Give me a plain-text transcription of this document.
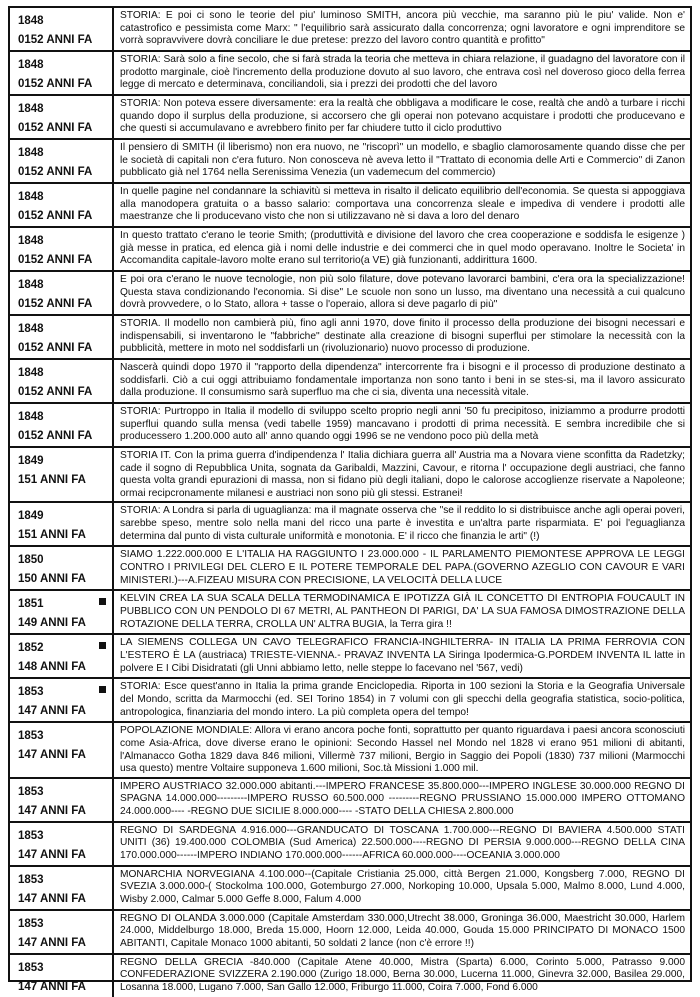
1848
0152 ANNI FA
STORIA: E poi ci sono le teorie del piu' luminoso SMITH, ancora più vecchie, ma saranno più le piu' valide. Non e' catastrofico e pessimista come Marx: " l'equilibrio sarà assicurato dalla concorrenza; ogni lavoratore e ogni imprenditore se vorrà sopravvivere dovrà conciliare le due pretese: prezzo del lavoro contro quantità e profitto"
1848
0152 ANNI FA
STORIA: Sarà solo a fine secolo, che si farà strada la teoria che metteva in chiara relazione, il guadagno del lavoratore con il prodotto marginale, cioè l'incremento della produzione dovuto al suo lavoro, che entrava così nel doveroso gioco della ferrea legge di mercato e determinava, conciliandoli, sia i prezzi dei prodotti che del lavoro
1848
0152 ANNI FA
STORIA: Non poteva essere diversamente: era la realtà che obbligava a modificare le cose, realtà che andò a turbare i ricchi quando dopo il surplus della produzione, si accorsero che gli operai non potevano acquistare i prodotti che producevano e che questi si accumulavano e avrebbero finito per far chiudere tutto il ciclo produttivo
1848
0152 ANNI FA
Il pensiero di SMITH (il liberismo) non era nuovo, ne "riscoprì" un modello, e sbaglio clamorosamente quando disse che per le società di capitali non c'era futuro. Non conosceva nè aveva letto il "Trattato di economia delle Arti e Commercio" di Zanon pubblicato già nel 1764 nella Serenissima Venezia (un vademecum del commercio)
1848
0152 ANNI FA
In quelle pagine nel condannare la schiavitù si metteva in risalto il delicato equilibrio dell'economia. Se questa si appoggiava alla manodopera gratuita o a basso salario: comportava una concorrenza sleale e impediva di vendere i prodotti alle maestranze che li producevano visto che non si utilizzavano nè si dava a loro del denaro
1848
0152 ANNI FA
In questo trattato c'erano le teorie Smith; (produttività e divisione del lavoro che crea cooperazione e soddisfa le esigenze ) già messe in pratica, ed elenca già i nomi delle industrie e dei commerci che in quel modo operavano. Inoltre le Societa' in Accomandita capitale-lavoro molte erano sul territorio(a VE) già funzionanti, addirittura 1600.
1848
0152 ANNI FA
E poi ora c'erano le nuove tecnologie, non più solo filature, dove potevano lavorarci bambini, c'era ora la specializzazione! Questa stava condizionando l'economia. Si dise" Le scuole non sono un lusso, ma diventano una necessità a cui qualcuno dovrà provvedere, o lo Stato, allora + tasse o l'operaio, allora si deve pagarlo di più"
1848
0152 ANNI FA
STORIA. Il modello non cambierà più, fino agli anni 1970, dove finito il processo della produzione dei bisogni necessari e indispensabili, si inventarono le "fabbriche" destinate alla creazione di bisogni superflui per stimolare la necessità con la pubblicità, mettere in moto nel soddisfarli un (rivoluzionario) nuovo processo di produzione.
1848
0152 ANNI FA
Nascerà quindi dopo 1970 il "rapporto della dipendenza" intercorrente fra i bisogni e il processo di produzione destinato a soddisfarli. Ciò a cui oggi attribuiamo fondamentale importanza non sono tanto i beni in se stes-si, ma il lavoro assicurato dalla produzione. Il consumismo sarà superfluo ma che ci sia, diventa una necessità vitale.
1848
0152 ANNI FA
STORIA: Purtroppo in Italia il modello di sviluppo scelto proprio negli anni '50 fu precipitoso, iniziammo a produrre prodotti superflui quando sulla mensa (vedi tabelle 1959) mancavano i prodotti di prima necessità. E sembra incredibile che si producessero 1.200.000 auto all' anno quando oggi 1996 se ne vendono poco più della metà
1849
151 ANNI FA
STORIA IT. Con la prima guerra d'indipendenza l' Italia dichiara guerra all' Austria ma a Novara viene sconfitta da Radetzky; cade il sogno di Repubblica Unita, sognata da Garibaldi, Mazzini, Cavour, e ritorna l' occupazione degli austriaci, che fanno questa volta grandi epurazioni di massa, non si fidano più degli italiani, dopo le calorose accoglienze riservate a Napoleone; ormai recipcronamente milanesi e austriaci non sono più gli stessi. Estranei!
1849
151 ANNI FA
STORIA: A Londra si parla di uguaglianza: ma il magnate osserva che "se il reddito lo si distribuisce anche agli operai poveri, sarebbe speso, mentre solo nella mani del ricco una parte è investita e un'altra parte risparmiata. E' poi l'eguaglianza determina dal punto di vista culturale uniformità e monotonia. E' il ricco che finanzia le arti" (!)
1850
150 ANNI FA
SIAMO 1.222.000.000 E L'ITALIA HA RAGGIUNTO I 23.000.000 - IL PARLAMENTO PIEMONTESE APPROVA LE LEGGI CONTRO I PRIVILEGI DEL CLERO E IL POTERE TEMPORALE DEL PAPA.(GOVERNO AZEGLIO CON CAVOUR E VARI MINISTERI.)---A.FIZEAU MISURA CON PRECISIONE, LA VELOCITÀ DELLA LUCE
1851
149 ANNI FA
KELVIN CREA LA SUA SCALA DELLA TERMODINAMICA E IPOTIZZA GIÀ IL CONCETTO DI ENTROPIA FOUCAULT IN PUBBLICO CON UN PENDOLO DI 67 METRI, AL PANTHEON DI PARIGI, DA' LA SUA FAMOSA DIMOSTRAZIONE DELLA ROTAZIONE DELLA TERRA, CROLLA UN' ALTRA BUGIA, la Terra gira !!
1852
148 ANNI FA
LA SIEMENS COLLEGA UN CAVO TELEGRAFICO FRANCIA-INGHILTERRA- IN ITALIA LA PRIMA FERROVIA CON L'ESTERO È LA (austriaca) TRIESTE-VIENNA.- PRAVAZ INVENTA LA Siringa Ipodermica-G.PORDEM INVENTA IL latte in polvere E I Cibi Disidratati (gli Unni abbiamo letto, nelle steppe lo facevano nel '567, vedi)
1853
147 ANNI FA
STORIA: Esce quest'anno in Italia la prima grande Enciclopedia. Riporta in 100 sezioni la Storia e la Geografia Universale del Mondo, scritta da Marmocchi (ed. SEI Torino 1854) in 7 volumi con gli specchi della geografia statistica, socio-politica, antropologica, finanziaria del mondo intero. La più completa opera del tempo!
1853
147 ANNI FA
POPOLAZIONE MONDIALE: Allora vi erano ancora poche fonti, soprattutto per quanto riguardava i paesi ancora sconosciuti come Asia-Africa, dove diverse erano le opinioni: Secondo Hassel nel Mondo nel 1828 vi erano 951 milioni di abitanti, l'Almanacco Gotha 1829 dava 846 milioni, Villermè 737 milioni, Bergio in Saggio dei Popoli (1830) 737 milioni (Marmocchi usa questo) mentre Voltaire supponeva 1.600 milioni, Soc.tà Missioni 1.000 mil.
1853
147 ANNI FA
IMPERO AUSTRIACO 32.000.000 abitanti.---IMPERO FRANCESE 35.800.000---IMPERO INGLESE 30.000.000 REGNO DI SPAGNA 14.000.000---------IMPERO RUSSO 60.500.000 ---------REGNO PRUSSIANO 15.000.000 IMPERO OTTOMANO 24.000.000---- -REGNO DUE SICILIE 8.000.000---- -STATO DELLA CHIESA 2.800.000
1853
147 ANNI FA
REGNO DI SARDEGNA 4.916.000---GRANDUCATO DI TOSCANA 1.700.000---REGNO DI BAVIERA 4.500.000 STATI UNITI (36) 19.400.000 COLOMBIA (Sud America) 22.500.000----REGNO DI PERSIA 9.000.000---REGNO DELLA CINA 170.000.000------IMPERO INDIANO 170.000.000------AFRICA 60.000.000----OCEANIA 3.000.000
1853
147 ANNI FA
MONARCHIA NORVEGIANA 4.100.000--(Capitale Cristiania 25.000, città Bergen 21.000, Kongsberg 7.000, REGNO DI SVEZIA 3.000.000-( Stockolma 100.000, Gotemburgo 27.000, Norkoping 10.000, Upsala 5.000, Malmo 8.000, Lund 4.000, Wisby 2.000, Calmar 5.000 Geffe 8.000, Falum 4.000
1853
147 ANNI FA
REGNO DI OLANDA 3.000.000 (Capitale Amsterdam 330.000,Utrecht 38.000, Groninga 36.000, Maestricht 30.000, Harlem 24.000, Middelburgo 18.000, Breda 15.000, Hoorn 12.000, Leida 40.000, Gouda 15.000 PRINCIPATO DI MONACO 1500 ABITANTI, Capitale Monaco 1000 abitanti, 50 soldati 2 lance (non c'è errore !!)
1853
147 ANNI FA
REGNO DELLA GRECIA -840.000 (Capitale Atene 40.000, Mistra (Sparta) 6.000, Corinto 5.000, Patrasso 9.000 CONFEDERAZIONE SVIZZERA 2.190.000 (Zurigo 18.000, Berna 30.000, Lucerna 11.000, Ginevra 32.000, Basilea 29.000, Losanna 18.000, Lugano 7.000, San Gallo 12.000, Friburgo 11.000, Coira 7.000, Fond 6.000
